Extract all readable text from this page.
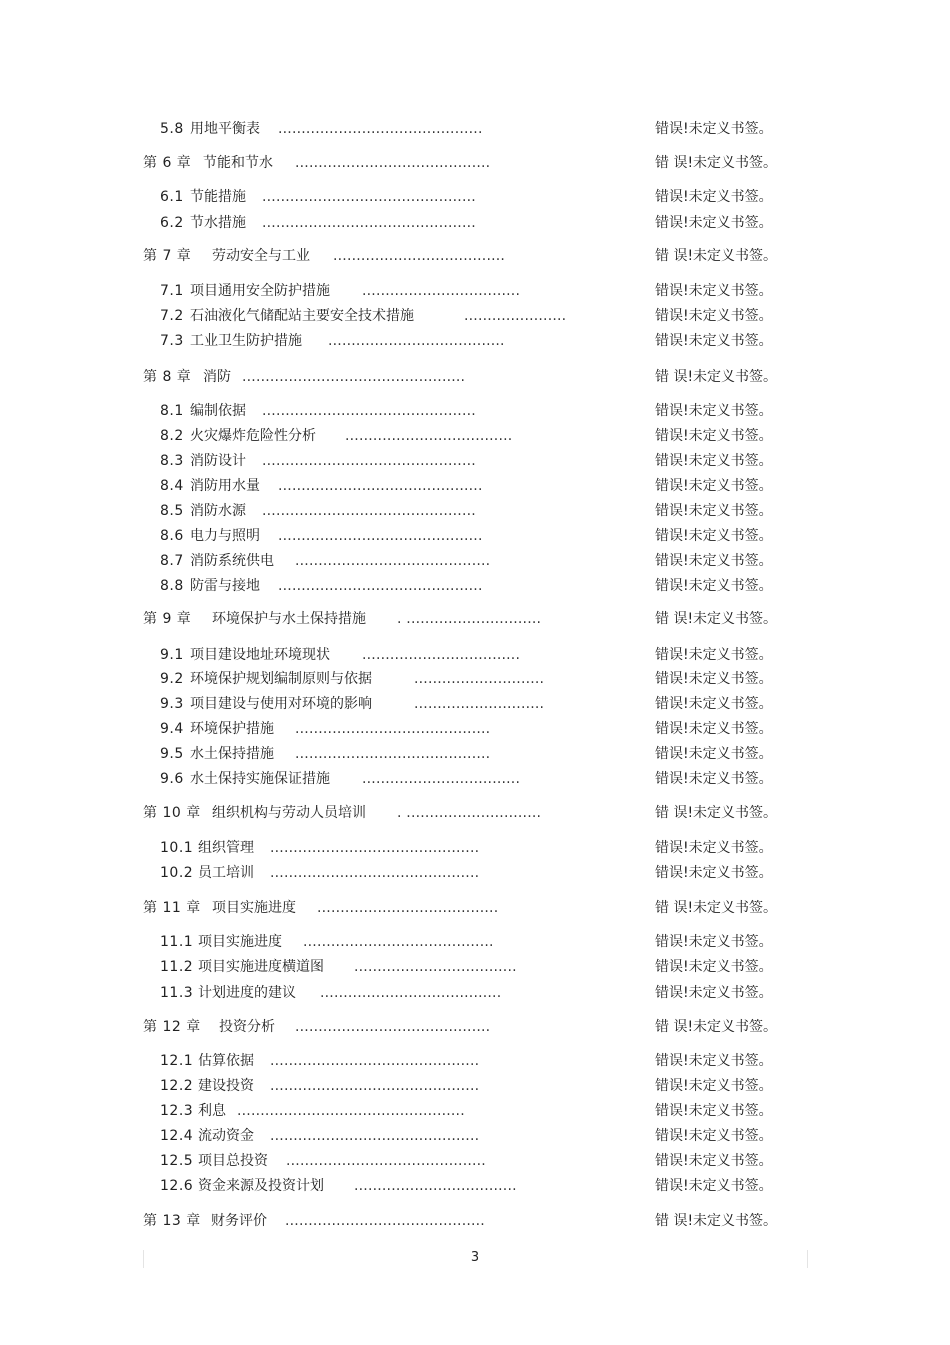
5.8 用地平衡表 ............................................	错误!未定义书签。
第 6 章 节能和节水 ..........................................	错 误!未定义书签。
6.1 节能措施 ..............................................	错误!未定义书签。
6.2 节水措施 ..............................................	错误!未定义书签。
第 7 章 劳动安全与工业 .....................................	错 误!未定义书签。
7.1 项目通用安全防护措施 ..................................	错误!未定义书签。
7.2 石油液化气储配站主要安全技术措施	......................	错误!未定义书签。
7.3 工业卫生防护措施 ......................................	错误!未定义书签。
第 8 章 消防 ................................................	错 误!未定义书签。
8.1 编制依据 ..............................................	错误!未定义书签。
8.2 火灾爆炸危险性分析 ....................................	错误!未定义书签。
8.3 消防设计 ..............................................	错误!未定义书签。
8.4 消防用水量 ............................................	错误!未定义书签。
8.5 消防水源 ..............................................	错误!未定义书签。
8.6 电力与照明 ............................................	错误!未定义书签。
8.7 消防系统供电 ..........................................	错误!未定义书签。
8.8 防雷与接地 ............................................	错误!未定义书签。
第 9 章 环境保护与水土保持措施 . .............................	错 误!未定义书签。
9.1 项目建设地址环境现状 ..................................	错误!未定义书签。
9.2 环境保护规划编制原则与依据	............................	错误!未定义书签。
9.3 项目建设与使用对环境的影响	............................	错误!未定义书签。
9.4 环境保护措施 ..........................................	错误!未定义书签。
9.5 水土保持措施 ..........................................	错误!未定义书签。
9.6 水土保持实施保证措施 ..................................	错误!未定义书签。
第 10 章 组织机构与劳动人员培训 . .............................	错 误!未定义书签。
10.1 组织管理 .............................................	错误!未定义书签。
10.2 员工培训 .............................................	错误!未定义书签。
第 11 章 项目实施进度 .......................................	错 误!未定义书签。
11.1 项目实施进度 .........................................	错误!未定义书签。
11.2 项目实施进度横道图 ...................................	错误!未定义书签。
11.3 计划进度的建议 .......................................	错误!未定义书签。
第 12 章 投资分析 ..........................................	错 误!未定义书签。
12.1 估算依据 .............................................	错误!未定义书签。
12.2 建设投资 .............................................	错误!未定义书签。
12.3 利息 .................................................	错误!未定义书签。
12.4 流动资金 .............................................	错误!未定义书签。
12.5 项目总投资 ...........................................	错误!未定义书签。
12.6 资金来源及投资计划 ...................................	错误!未定义书签。
第 13 章 财务评价 ...........................................	错 误!未定义书签。
3
